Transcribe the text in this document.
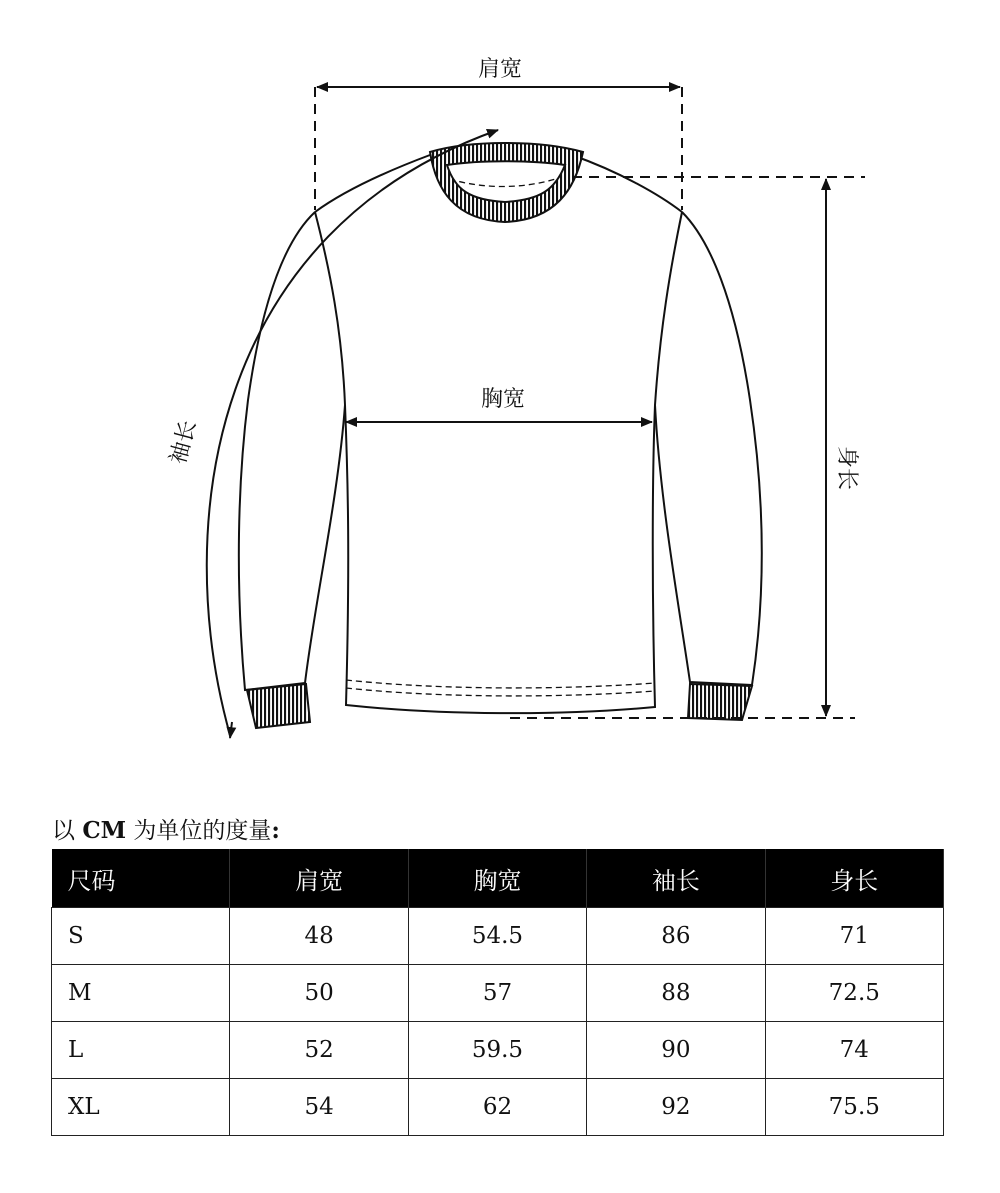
肩宽
胸宽
身长
袖长
以 CM 为单位的度量:
尺码	肩宽	胸宽	袖长	身长
S	48	54.5	86	71
M	50	57	88	72.5
L	52	59.5	90	74
XL	54	62	92	75.5
